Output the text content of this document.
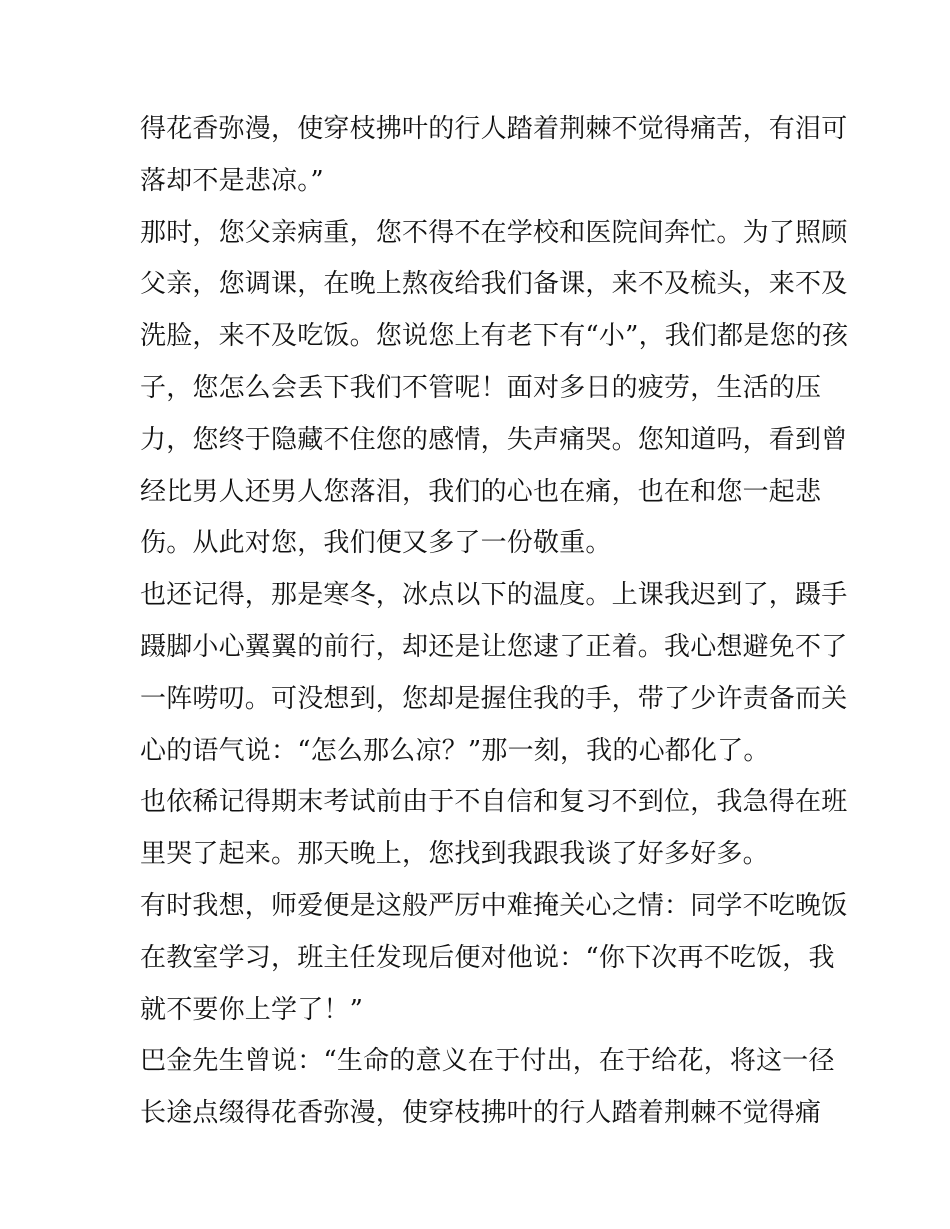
得花香弥漫，使穿枝拂叶的行人踏着荆棘不觉得痛苦，有泪可
落却不是悲凉。”
那时，您父亲病重，您不得不在学校和医院间奔忙。为了照顾
父亲，您调课，在晚上熬夜给我们备课，来不及梳头，来不及
洗脸，来不及吃饭。您说您上有老下有“小”，我们都是您的孩
子，您怎么会丢下我们不管呢！面对多日的疲劳，生活的压
力，您终于隐藏不住您的感情，失声痛哭。您知道吗，看到曾
经比男人还男人您落泪，我们的心也在痛，也在和您一起悲
伤。从此对您，我们便又多了一份敬重。
也还记得，那是寒冬，冰点以下的温度。上课我迟到了，蹑手
蹑脚小心翼翼的前行，却还是让您逮了正着。我心想避免不了
一阵唠叨。可没想到，您却是握住我的手，带了少许责备而关
心的语气说：“怎么那么凉？”那一刻，我的心都化了。
也依稀记得期末考试前由于不自信和复习不到位，我急得在班
里哭了起来。那天晚上，您找到我跟我谈了好多好多。
有时我想，师爱便是这般严厉中难掩关心之情：同学不吃晚饭
在教室学习，班主任发现后便对他说：“你下次再不吃饭，我
就不要你上学了！”
巴金先生曾说：“生命的意义在于付出，在于给花，将这一径
长途点缀得花香弥漫，使穿枝拂叶的行人踏着荆棘不觉得痛
